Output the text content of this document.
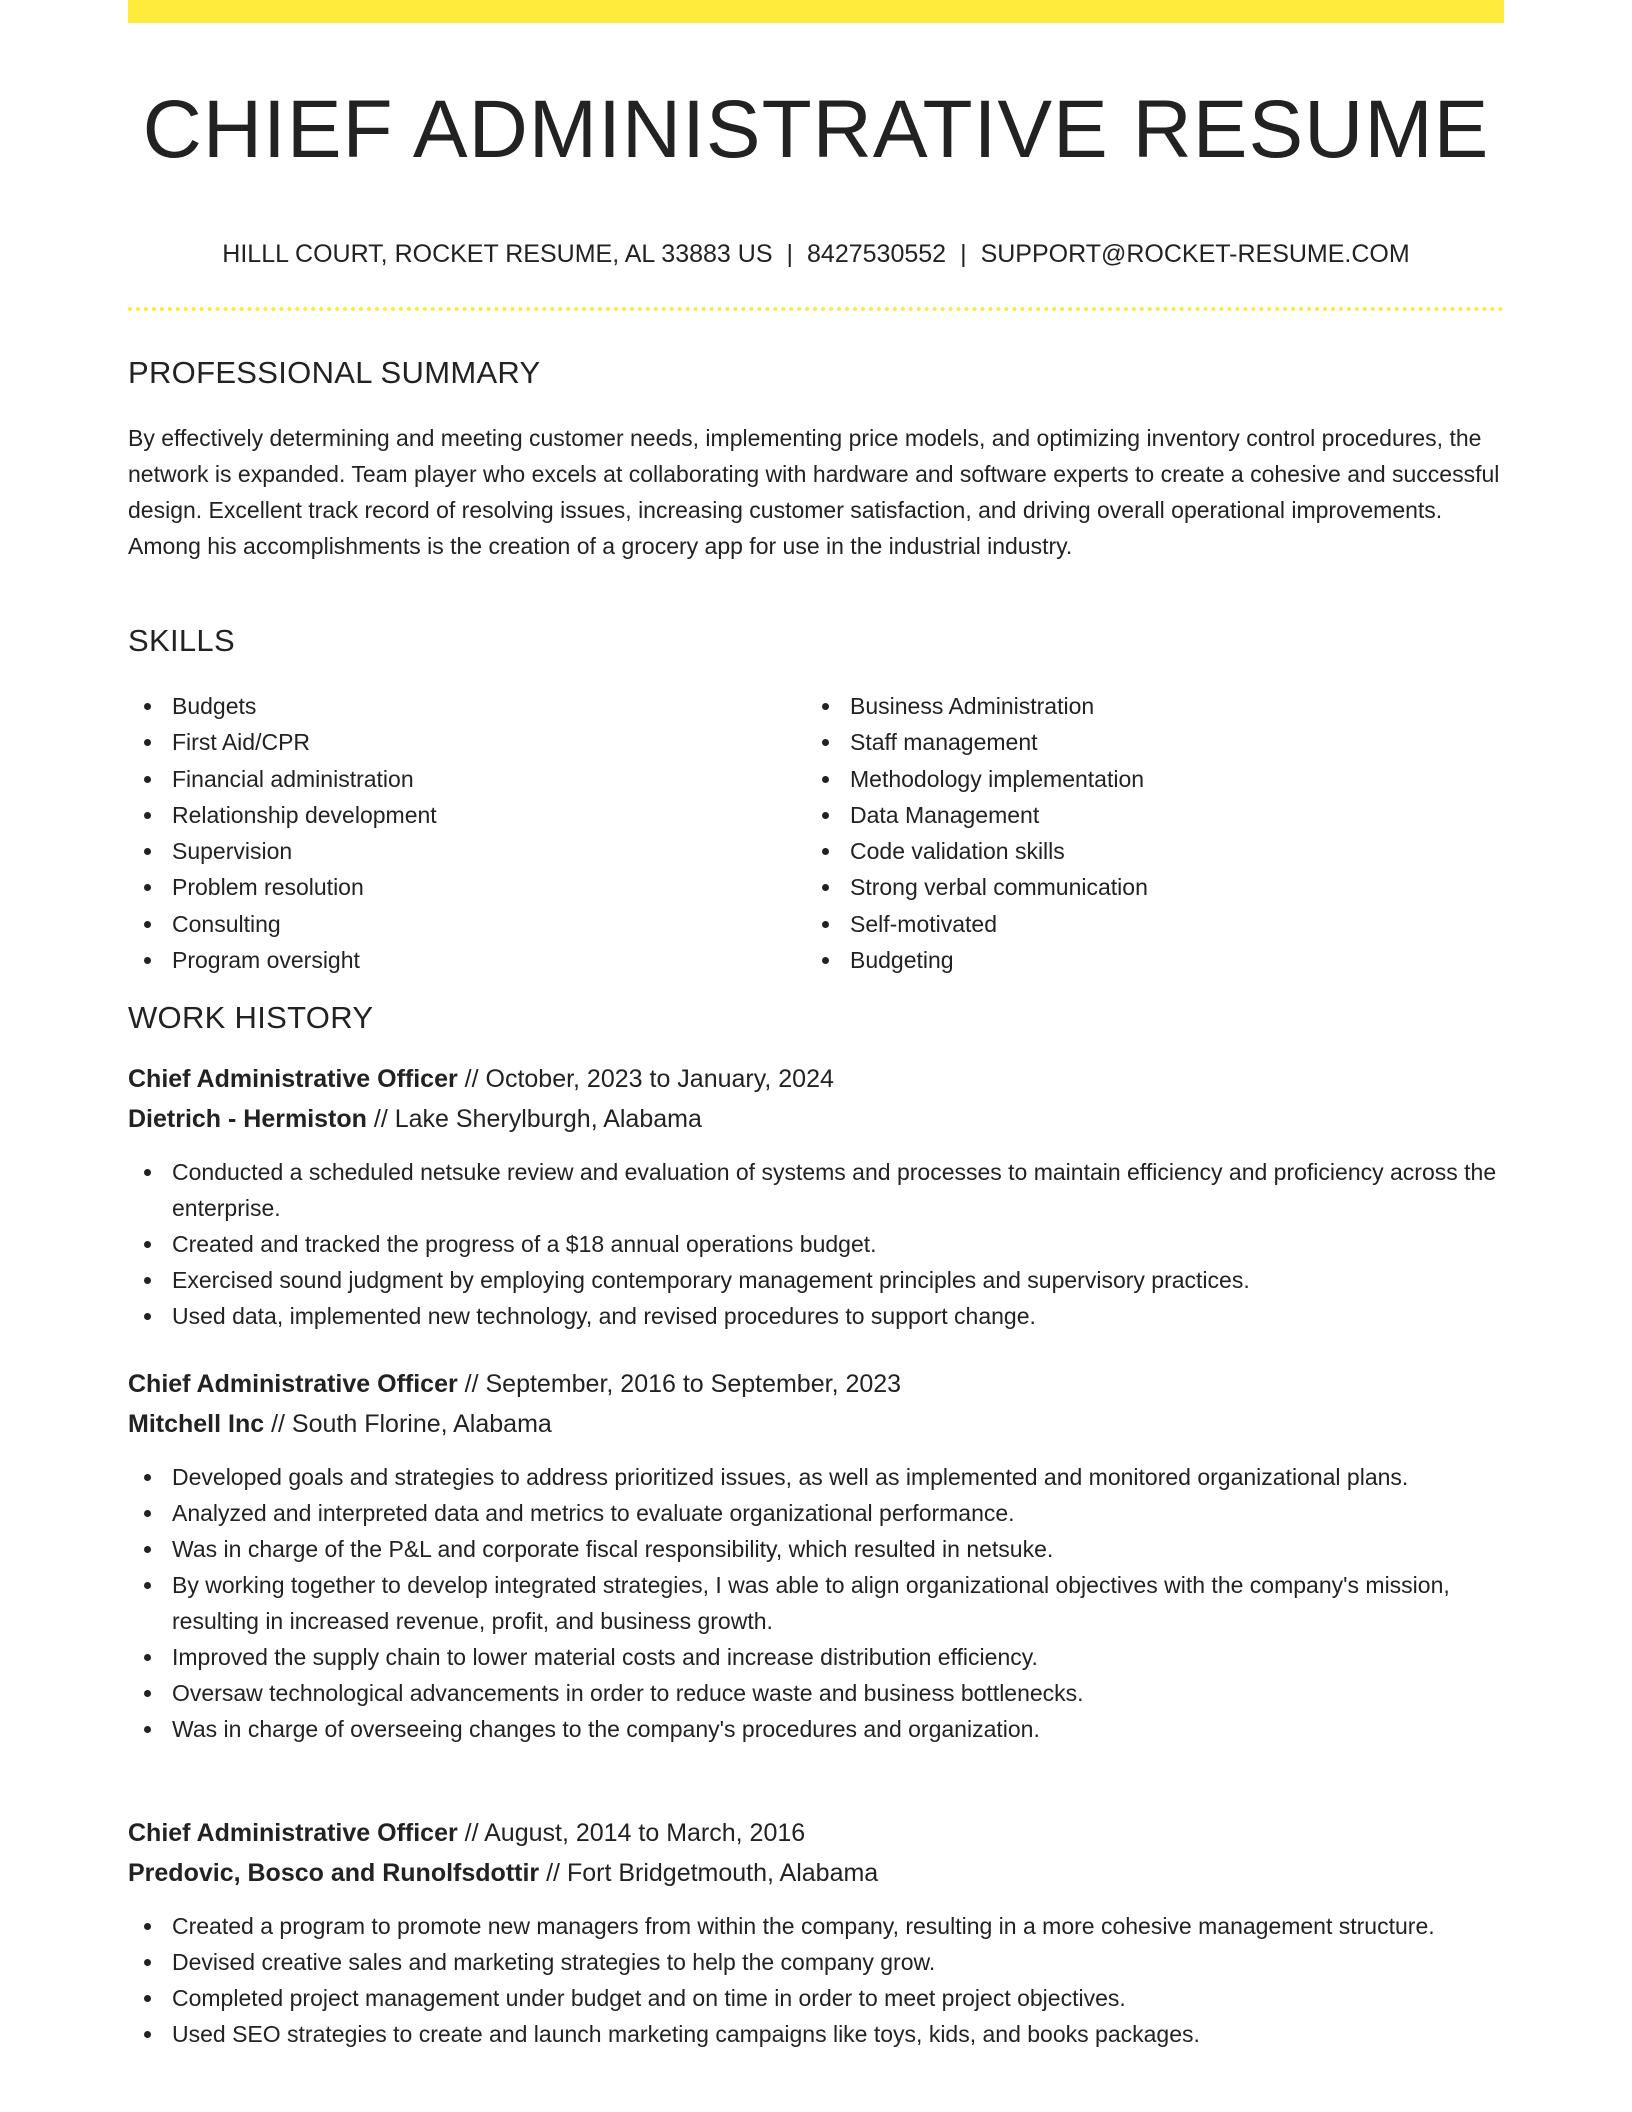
CHIEF ADMINISTRATIVE RESUME
HILLL COURT, ROCKET RESUME, AL 33883 US | 8427530552 | SUPPORT@ROCKET-RESUME.COM
PROFESSIONAL SUMMARY

By effectively determining and meeting customer needs, implementing price models, and optimizing inventory control procedures, the network is expanded. Team player who excels at collaborating with hardware and software experts to create a cohesive and successful design. Excellent track record of resolving issues, increasing customer satisfaction, and driving overall operational improvements. Among his accomplishments is the creation of a grocery app for use in the industrial industry.

SKILLS
Budgets
First Aid/CPR
Financial administration
Relationship development
Supervision
Problem resolution
Consulting
Program oversight
Business Administration
Staff management
Methodology implementation
Data Management
Code validation skills
Strong verbal communication
Self-motivated
Budgeting
WORK HISTORY
Chief Administrative Officer // October, 2023 to January, 2024
Dietrich - Hermiston // Lake Sherylburgh, Alabama
Conducted a scheduled netsuke review and evaluation of systems and processes to maintain efficiency and proficiency across the enterprise.
Created and tracked the progress of a $18 annual operations budget.
Exercised sound judgment by employing contemporary management principles and supervisory practices.
Used data, implemented new technology, and revised procedures to support change.
Chief Administrative Officer // September, 2016 to September, 2023
Mitchell Inc // South Florine, Alabama
Developed goals and strategies to address prioritized issues, as well as implemented and monitored organizational plans.
Analyzed and interpreted data and metrics to evaluate organizational performance.
Was in charge of the P&L and corporate fiscal responsibility, which resulted in netsuke.
By working together to develop integrated strategies, I was able to align organizational objectives with the company's mission, resulting in increased revenue, profit, and business growth.
Improved the supply chain to lower material costs and increase distribution efficiency.
Oversaw technological advancements in order to reduce waste and business bottlenecks.
Was in charge of overseeing changes to the company's procedures and organization.
Chief Administrative Officer // August, 2014 to March, 2016
Predovic, Bosco and Runolfsdottir // Fort Bridgetmouth, Alabama
Created a program to promote new managers from within the company, resulting in a more cohesive management structure.
Devised creative sales and marketing strategies to help the company grow.
Completed project management under budget and on time in order to meet project objectives.
Used SEO strategies to create and launch marketing campaigns like toys, kids, and books packages.
